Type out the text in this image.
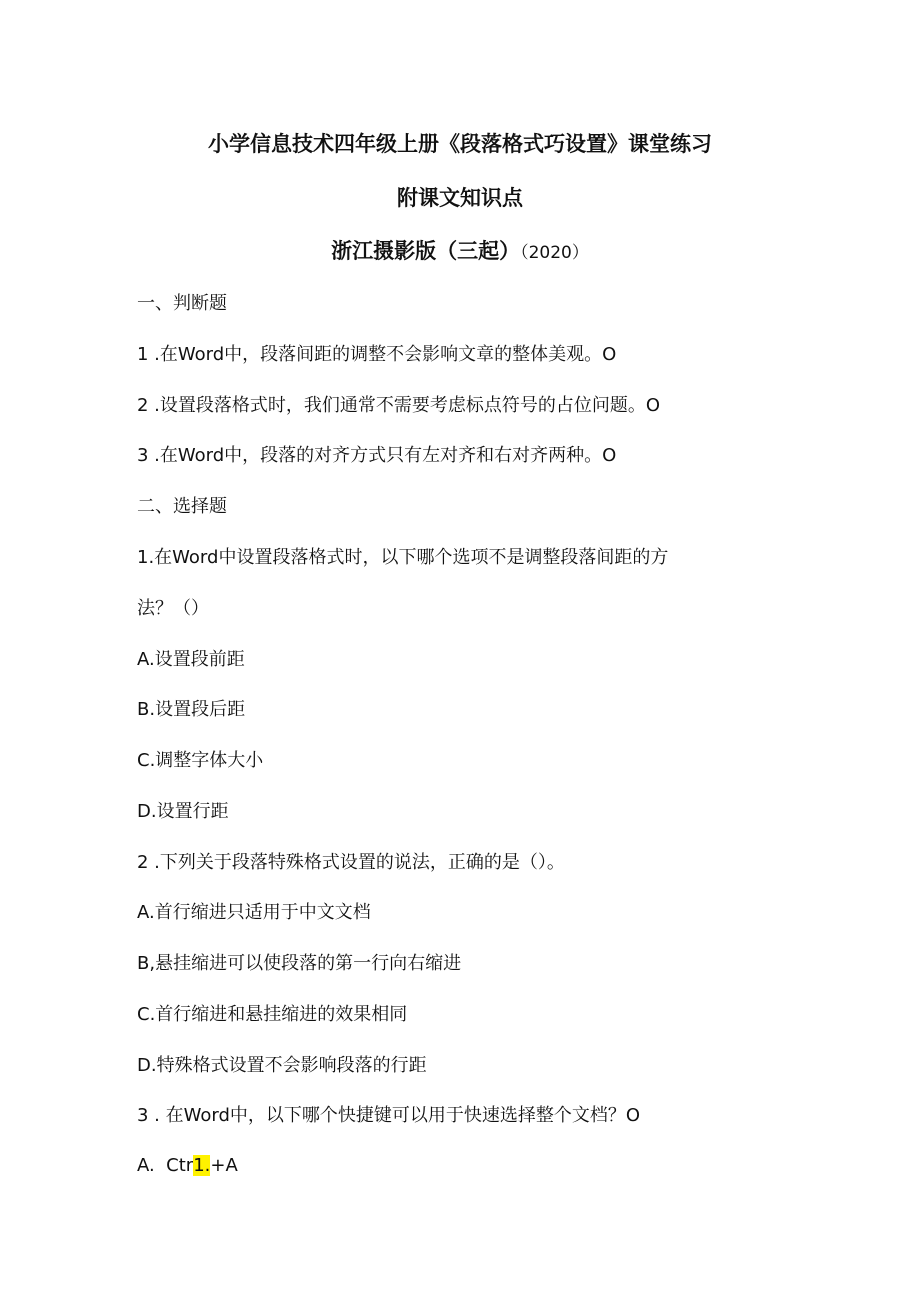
小学信息技术四年级上册《段落格式巧设置》课堂练习
附课文知识点
浙江摄影版（三起）（2020）
一、判断题
1 .在Word中，段落间距的调整不会影响文章的整体美观。O
2 .设置段落格式时，我们通常不需要考虑标点符号的占位问题。O
3 .在Word中，段落的对齐方式只有左对齐和右对齐两种。O
二、选择题
1.在Word中设置段落格式时，以下哪个选项不是调整段落间距的方
法？（）
A.设置段前距
B.设置段后距
C.调整字体大小
D.设置行距
2 .下列关于段落特殊格式设置的说法，正确的是（）。
A.首行缩进只适用于中文文档
B,悬挂缩进可以使段落的第一行向右缩进
C.首行缩进和悬挂缩进的效果相同
D.特殊格式设置不会影响段落的行距
3 . 在Word中，以下哪个快捷键可以用于快速选择整个文档？O
A.  Ctr1.+A
